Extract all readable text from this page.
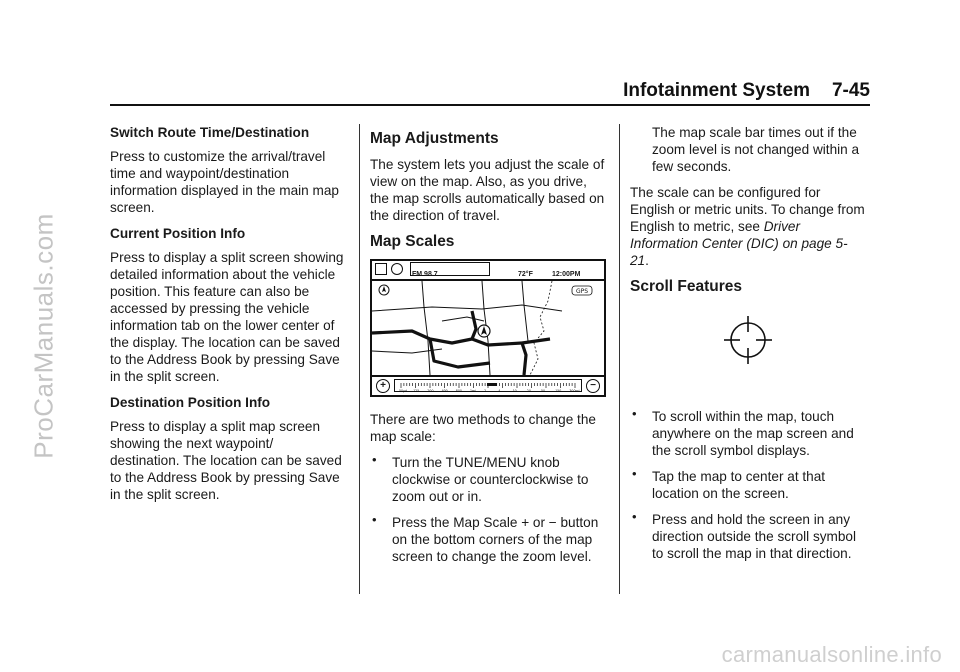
ProCarManuals.com
Infotainment System 7-45
Switch Route Time/Destination
Press to customize the arrival/travel time and waypoint/destination information displayed in the main map screen.
Current Position Info
Press to display a split screen showing detailed information about the vehicle position. This feature can also be accessed by pressing the vehicle information tab on the lower center of the display. The location can be saved to the Address Book by pressing Save in the split screen.
Destination Position Info
Press to display a split map screen showing the next waypoint/ destination. The location can be saved to the Address Book by pressing Save in the split screen.
Map Adjustments
The system lets you adjust the scale of view on the map. Also, as you drive, the map scrolls automatically based on the direction of travel.
Map Scales
FM 98.7	72°F	12:00PM
GPS
+	50yd 125	200	400	800	1mi	2	4	10	20	50	150	300mi	−
There are two methods to change the map scale:
• Turn the TUNE/MENU knob clockwise or counterclockwise to zoom out or in.
• Press the Map Scale + or − button on the bottom corners of the map screen to change the zoom level.
The map scale bar times out if the zoom level is not changed within a few seconds.
The scale can be configured for English or metric units. To change from English to metric, see Driver Information Center (DIC) on page 5-21.
Scroll Features
• To scroll within the map, touch anywhere on the map screen and the scroll symbol displays.
• Tap the map to center at that location on the screen.
• Press and hold the screen in any direction outside the scroll symbol to scroll the map in that direction.
carmanualsonline.info
